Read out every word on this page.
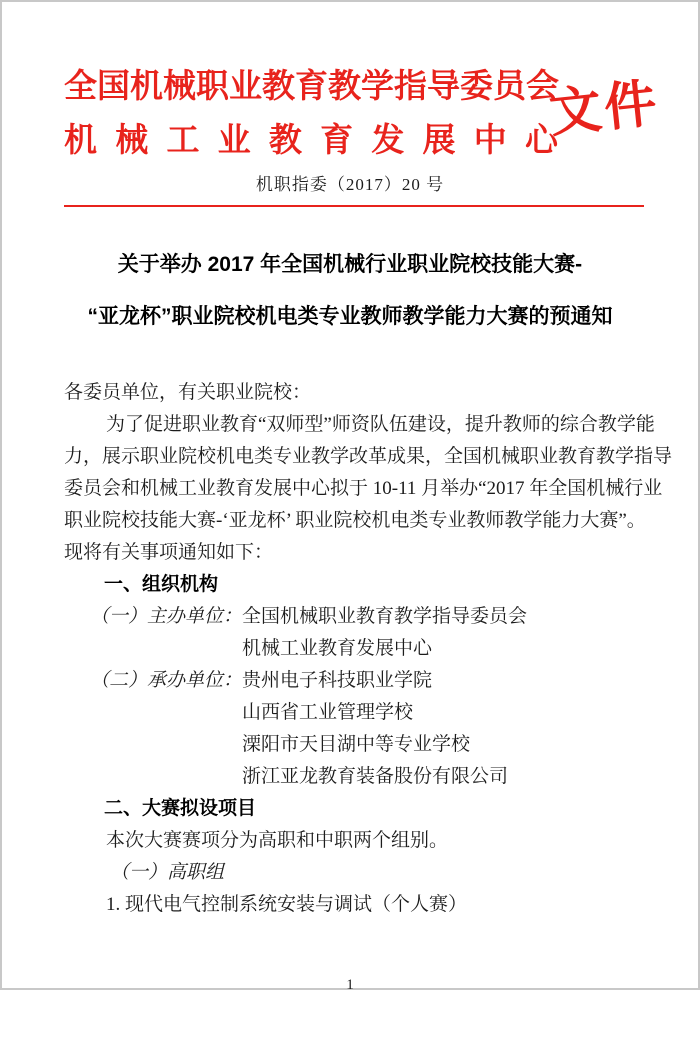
全国机械职业教育教学指导委员会
机械工业教育发展中心
文件
机职指委（2017）20 号
关于举办 2017 年全国机械行业职业院校技能大赛-
“亚龙杯”职业院校机电类专业教师教学能力大赛的预通知
各委员单位，有关职业院校：
为了促进职业教育“双师型”师资队伍建设，提升教师的综合教学能
力，展示职业院校机电类专业教学改革成果，全国机械职业教育教学指导
委员会和机械工业教育发展中心拟于 10-11 月举办“2017 年全国机械行业
职业院校技能大赛-‘亚龙杯’ 职业院校机电类专业教师教学能力大赛”。
现将有关事项通知如下：
一、组织机构
（一）主办单位：全国机械职业教育教学指导委员会
机械工业教育发展中心
（二）承办单位：贵州电子科技职业学院
山西省工业管理学校
溧阳市天目湖中等专业学校
浙江亚龙教育装备股份有限公司
二、大赛拟设项目
本次大赛赛项分为高职和中职两个组别。
（一）高职组
1. 现代电气控制系统安装与调试（个人赛）
1
